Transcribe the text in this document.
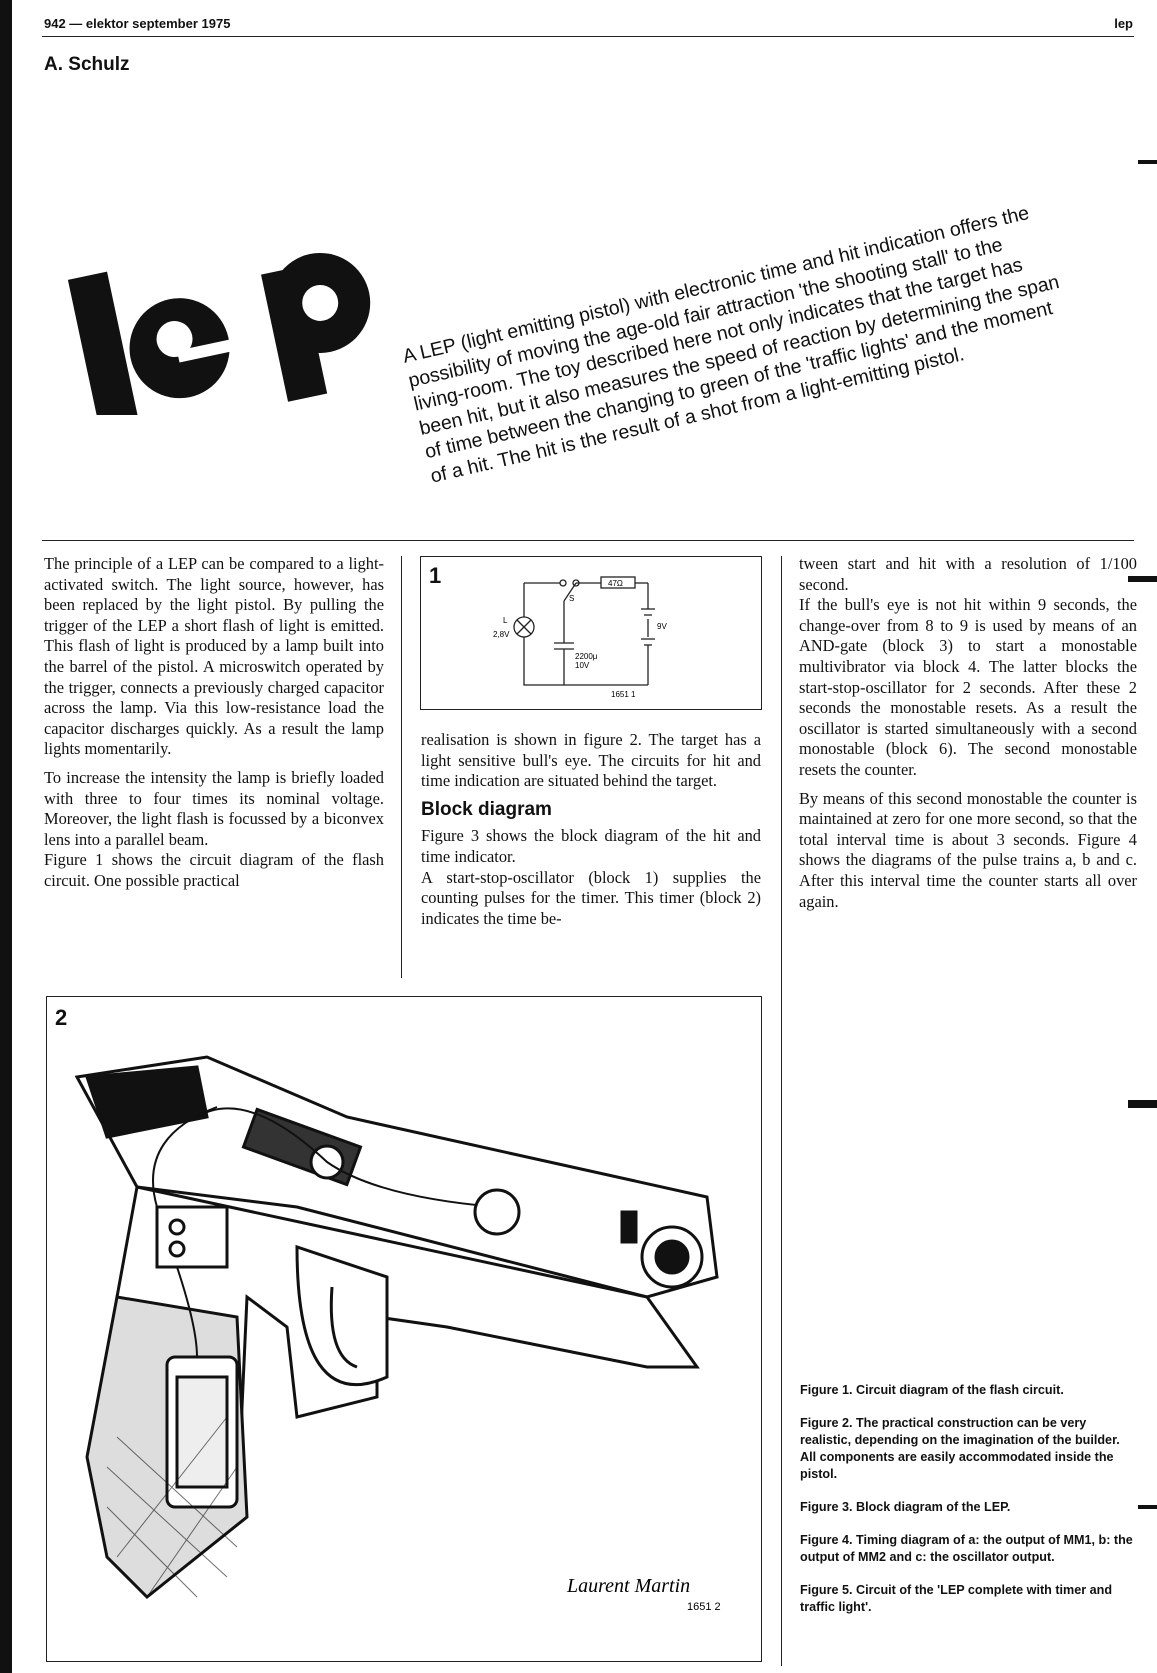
942 — elektor september 1975	lep
A. Schulz
A LEP (light emitting pistol) with electronic time and hit indication offers the possibility of moving the age-old fair attraction 'the shooting stall' to the living-room. The toy described here not only indicates that the target has been hit, but it also measures the speed of reaction by determining the span of time between the changing to green of the 'traffic lights' and the moment of a hit. The hit is the result of a shot from a light-emitting pistol.

The principle of a LEP can be compared to a light-activated switch. The light source, however, has been replaced by the light pistol. By pulling the trigger of the LEP a short flash of light is emitted. This flash of light is produced by a lamp built into the barrel of the pistol. A microswitch operated by the trigger, connects a previously charged capacitor across the lamp. Via this low-resistance load the capacitor discharges quickly. As a result the lamp lights momentarily.

To increase the intensity the lamp is briefly loaded with three to four times its nominal voltage. Moreover, the light flash is focussed by a biconvex lens into a parallel beam.

Figure 1 shows the circuit diagram of the flash circuit. One possible practical

1	47Ω
S
L
2,8V
9V
2200μ
10V
1651 1

realisation is shown in figure 2. The target has a light sensitive bull's eye. The circuits for hit and time indication are situated behind the target.

Block diagram

Figure 3 shows the block diagram of the hit and time indicator.

A start-stop-oscillator (block 1) supplies the counting pulses for the timer. This timer (block 2) indicates the time be-

tween start and hit with a resolution of 1/100 second.

If the bull's eye is not hit within 9 seconds, the change-over from 8 to 9 is used by means of an AND-gate (block 3) to start a monostable multivibrator via block 4. The latter blocks the start-stop-oscillator for 2 seconds. After these 2 seconds the monostable resets. As a result the oscillator is started simultaneously with a second monostable (block 6). The second monostable resets the counter.

By means of this second monostable the counter is maintained at zero for one more second, so that the total interval time is about 3 seconds. Figure 4 shows the diagrams of the pulse trains a, b and c. After this interval time the counter starts all over again.

2
Laurent Martin
1651 2

Figure 1. Circuit diagram of the flash circuit.

Figure 2. The practical construction can be very realistic, depending on the imagination of the builder. All components are easily accommodated inside the pistol.

Figure 3. Block diagram of the LEP.

Figure 4. Timing diagram of a: the output of MM1, b: the output of MM2 and c: the oscillator output.

Figure 5. Circuit of the 'LEP complete with timer and traffic light'.
